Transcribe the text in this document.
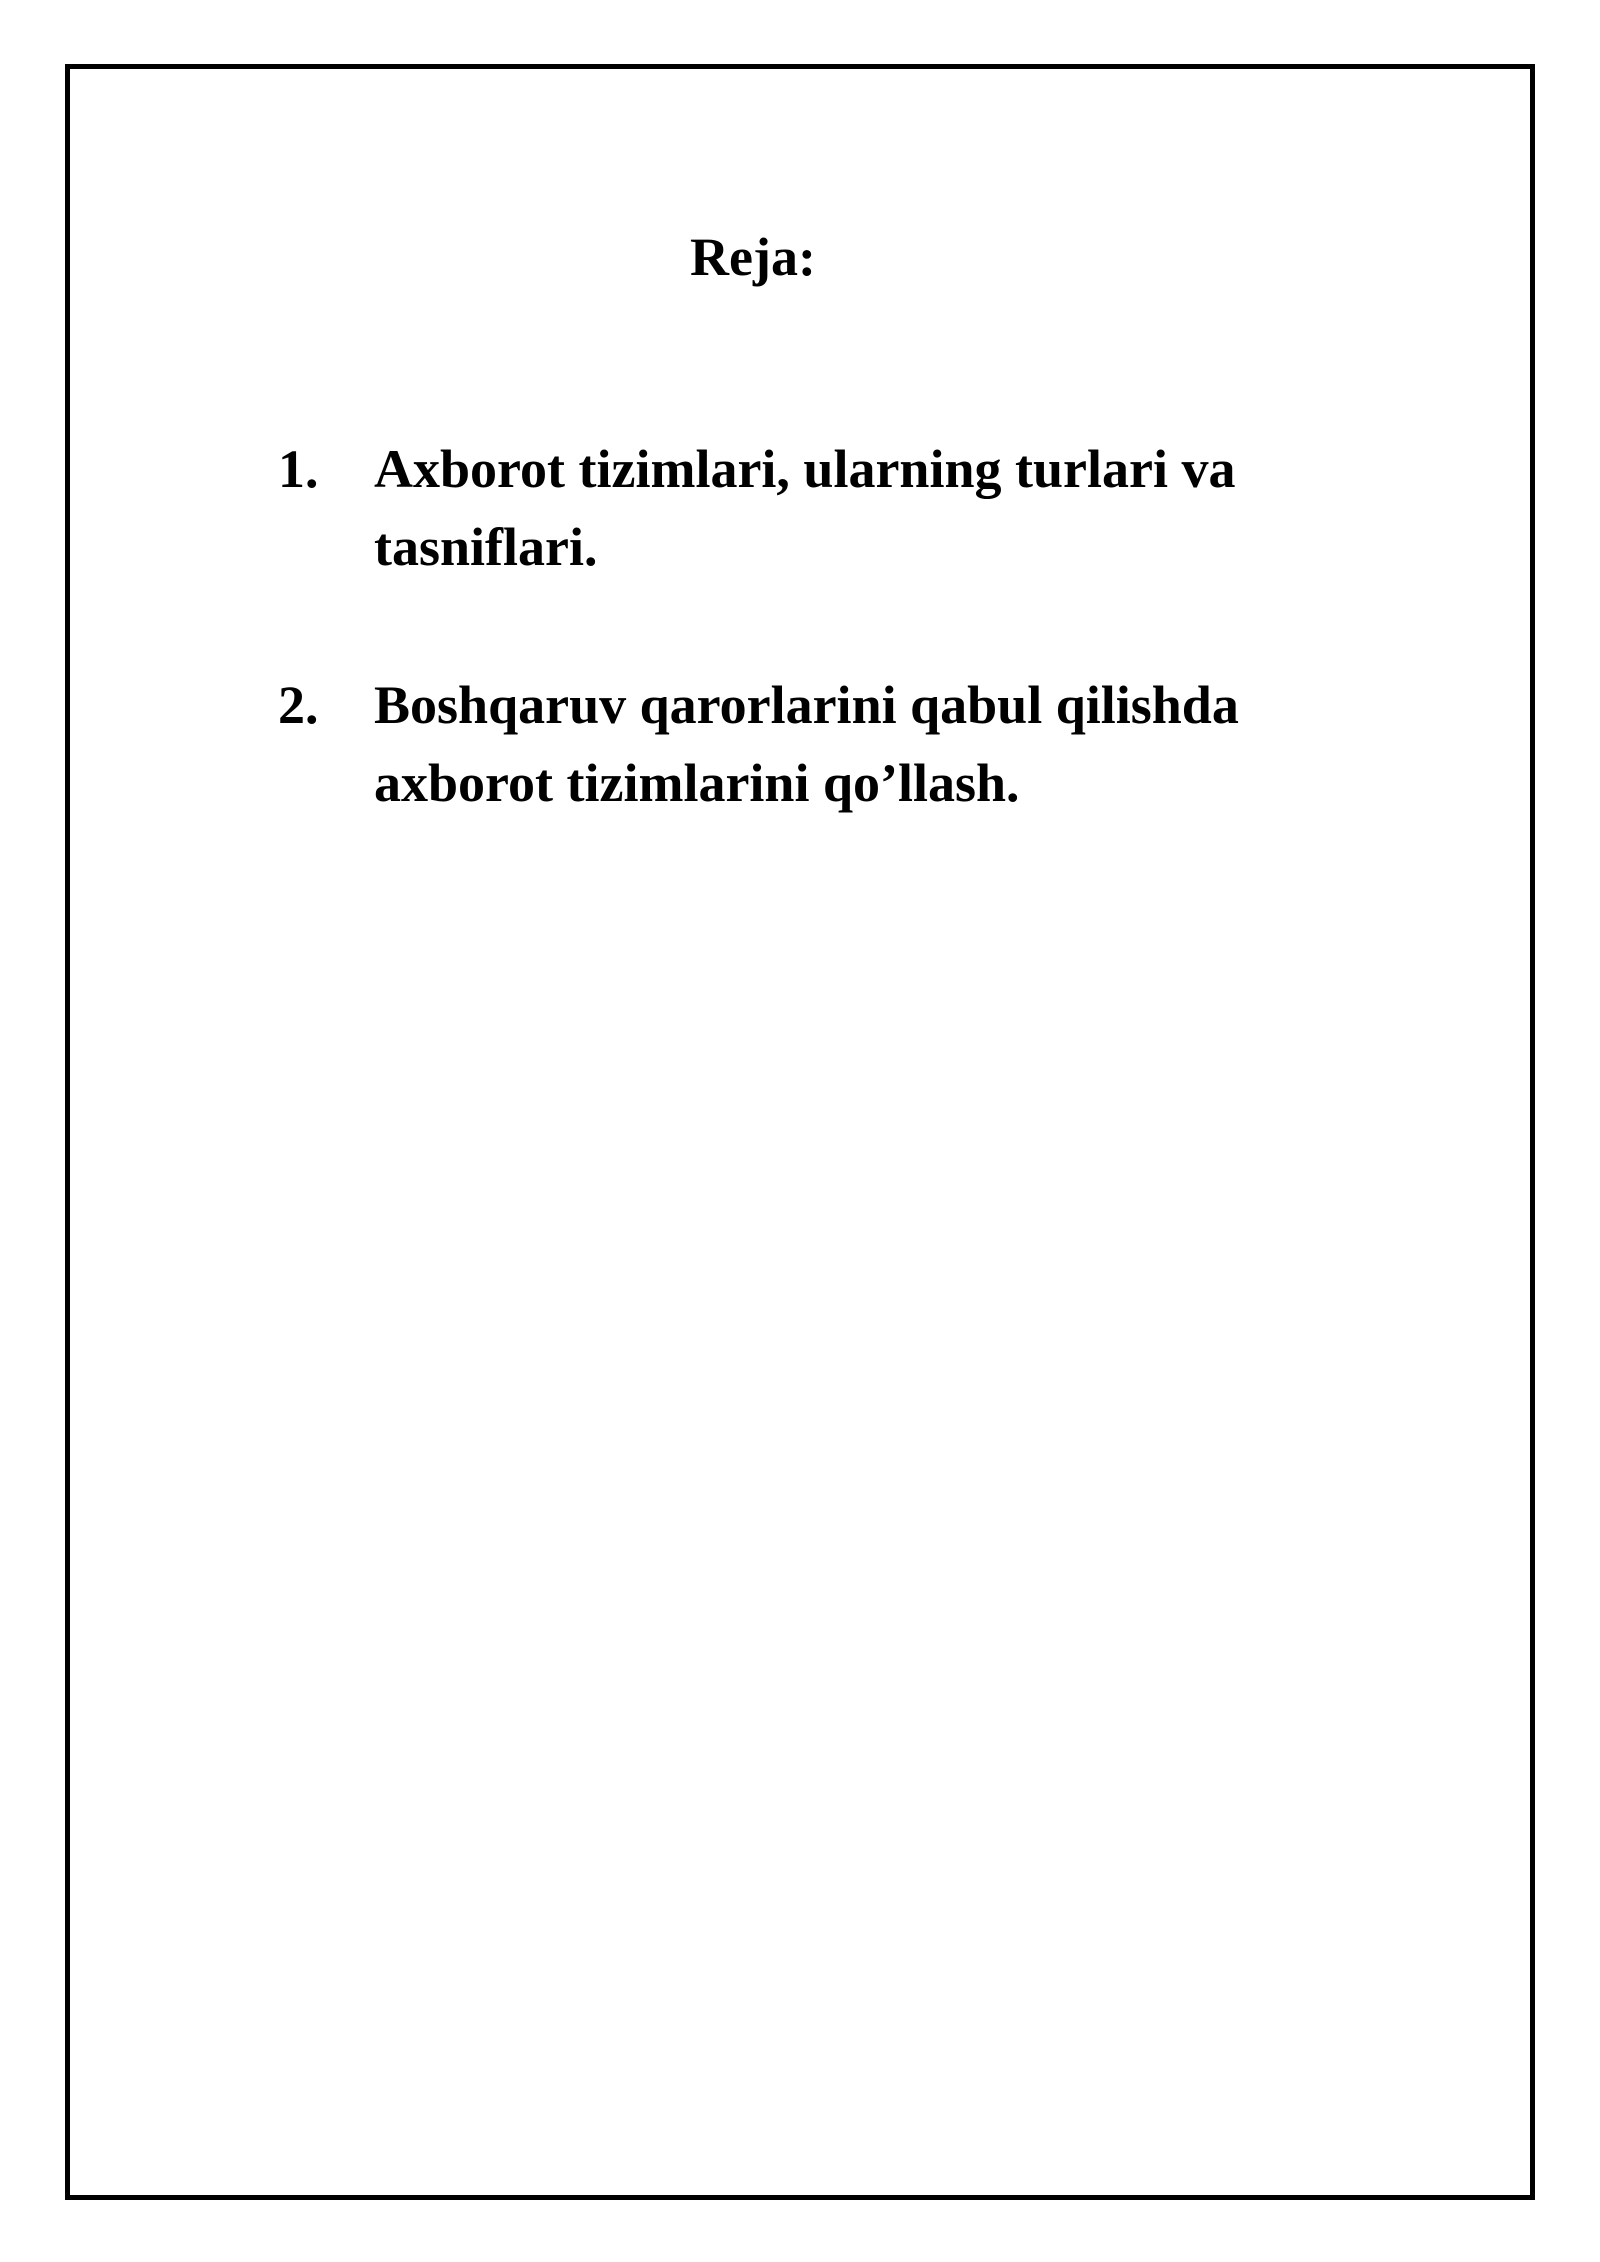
Reja:
1. Axborot tizimlari, ularning turlari va tasniflari.
2. Boshqaruv qarorlarini qabul qilishda axborot tizimlarini qo’llash.
